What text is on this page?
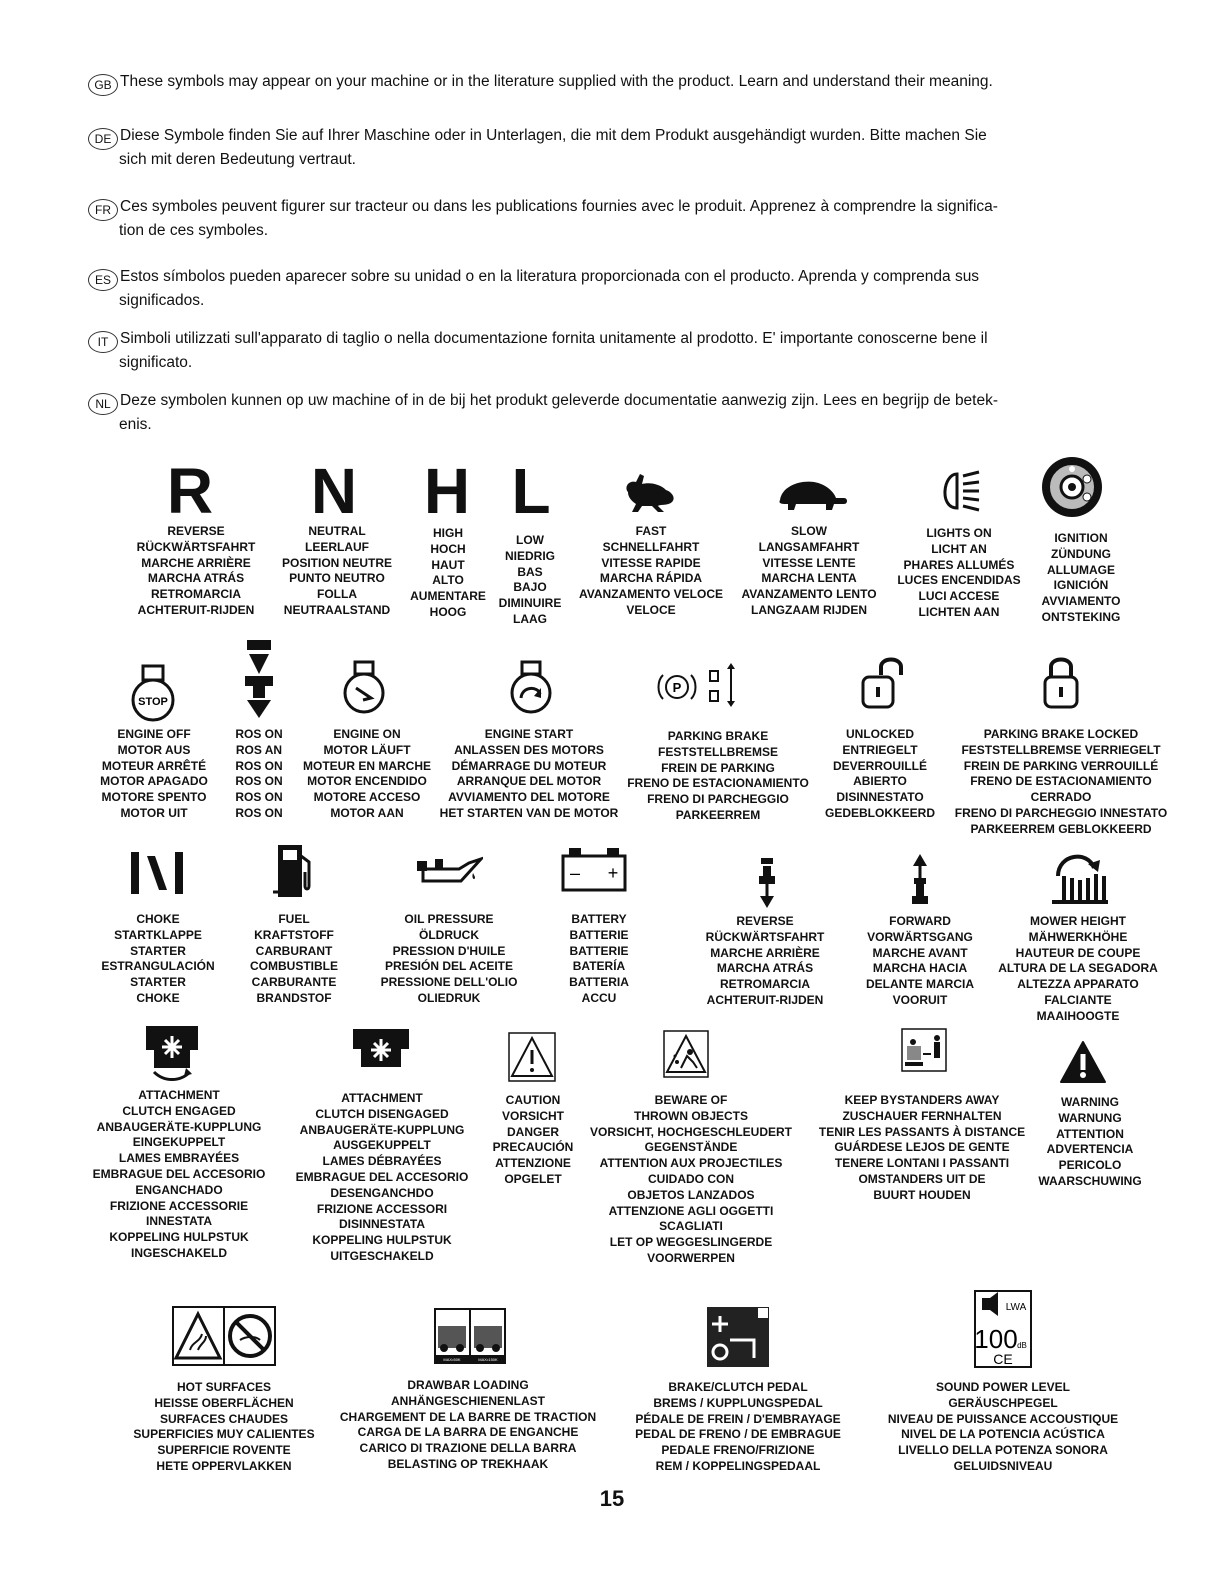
GB These symbols may appear on your machine or in the literature supplied with the product. Learn and understand their meaning.
DE Diese Symbole finden Sie auf Ihrer Maschine oder in Unterlagen, die mit dem Produkt ausgehändigt wurden. Bitte machen Sie
sich mit deren Bedeutung vertraut.
FR Ces symboles peuvent figurer sur tracteur ou dans les publications fournies avec le produit. Apprenez à comprendre la significa-
tion de ces symboles.
ES Estos símbolos pueden aparecer sobre su unidad o en la literatura proporcionada con el producto. Aprenda y comprenda sus
significados.
IT Simboli utilizzati sull'apparato di taglio o nella documentazione fornita unitamente al prodotto. E' importante conoscerne bene il
significato.
NL Deze symbolen kunnen op uw machine of in de bij het produkt geleverde documentatie aanwezig zijn. Lees en begrijp de betek-
enis.
R N H L
REVERSE
RÜCKWÄRTSFAHRT
MARCHE ARRIÈRE
MARCHA ATRÁS
RETROMARCIA
ACHTERUIT-RIJDEN
NEUTRAL
LEERLAUF
POSITION NEUTRE
PUNTO NEUTRO
FOLLA
NEUTRAALSTAND
HIGH
HOCH
HAUT
ALTO
AUMENTARE
HOOG
LOW
NIEDRIG
BAS
BAJO
DIMINUIRE
LAAG
FAST
SCHNELLFAHRT
VITESSE RAPIDE
MARCHA RÁPIDA
AVANZAMENTO VELOCE
VELOCE
SLOW
LANGSAMFAHRT
VITESSE LENTE
MARCHA LENTA
AVANZAMENTO LENTO
LANGZAAM RIJDEN
LIGHTS ON
LICHT AN
PHARES ALLUMÉS
LUCES ENCENDIDAS
LUCI ACCESE
LICHTEN AAN
IGNITION
ZÜNDUNG
ALLUMAGE
IGNICIÓN
AVVIAMENTO
ONTSTEKING
STOP
P
ENGINE OFF
MOTOR AUS
MOTEUR ARRÊTÉ
MOTOR APAGADO
MOTORE SPENTO
MOTOR UIT
ROS ON
ROS AN
ROS ON
ROS ON
ROS ON
ROS ON
ENGINE ON
MOTOR LÄUFT
MOTEUR EN MARCHE
MOTOR ENCENDIDO
MOTORE ACCESO
MOTOR AAN
ENGINE START
ANLASSEN DES MOTORS
DÉMARRAGE DU MOTEUR
ARRANQUE DEL MOTOR
AVVIAMENTO DEL MOTORE
HET STARTEN VAN DE MOTOR
PARKING BRAKE
FESTSTELLBREMSE
FREIN DE PARKING
FRENO DE ESTACIONAMIENTO
FRENO DI PARCHEGGIO
PARKEERREM
UNLOCKED
ENTRIEGELT
DEVERROUILLÉ
ABIERTO
DISINNESTATO
GEDEBLOKKEERD
PARKING BRAKE LOCKED
FESTSTELLBREMSE VERRIEGELT
FREIN DE PARKING VERROUILLÉ
FRENO DE ESTACIONAMIENTO
CERRADO
FRENO DI PARCHEGGIO INNESTATO
PARKEERREM GEBLOKKEERD
– +
CHOKE
STARTKLAPPE
STARTER
ESTRANGULACIÓN
STARTER
CHOKE
FUEL
KRAFTSTOFF
CARBURANT
COMBUSTIBLE
CARBURANTE
BRANDSTOF
OIL PRESSURE
ÖLDRUCK
PRESSION D'HUILE
PRESIÓN DEL ACEITE
PRESSIONE DELL'OLIO
OLIEDRUK
BATTERY
BATTERIE
BATTERIE
BATERÍA
BATTERIA
ACCU
REVERSE
RÜCKWÄRTSFAHRT
MARCHE ARRIÈRE
MARCHA ATRÁS
RETROMARCIA
ACHTERUIT-RIJDEN
FORWARD
VORWÄRTSGANG
MARCHE AVANT
MARCHA HACIA
DELANTE MARCIA
VOORUIT
MOWER HEIGHT
MÄHWERKHÖHE
HAUTEUR DE COUPE
ALTURA DE LA SEGADORA
ALTEZZA APPARATO
FALCIANTE
MAAIHOOGTE
ATTACHMENT
CLUTCH ENGAGED
ANBAUGERÄTE-KUPPLUNG
EINGEKUPPELT
LAMES EMBRAYÉES
EMBRAGUE DEL ACCESORIO
ENGANCHADO
FRIZIONE ACCESSORIE
INNESTATA
KOPPELING HULPSTUK
INGESCHAKELD
ATTACHMENT
CLUTCH DISENGAGED
ANBAUGERÄTE-KUPPLUNG
AUSGEKUPPELT
LAMES DÉBRAYÉES
EMBRAGUE DEL ACCESORIO
DESENGANCHDO
FRIZIONE ACCESSORI
DISINNESTATA
KOPPELING HULPSTUK
UITGESCHAKELD
CAUTION
VORSICHT
DANGER
PRECAUCIÓN
ATTENZIONE
OPGELET
BEWARE OF
THROWN OBJECTS
VORSICHT, HOCHGESCHLEUDERT
GEGENSTÄNDE
ATTENTION AUX PROJECTILES
CUIDADO CON
OBJETOS LANZADOS
ATTENZIONE AGLI OGGETTI
SCAGLIATI
LET OP WEGGESLINGERDE
VOORWERPEN
KEEP BYSTANDERS AWAY
ZUSCHAUER FERNHALTEN
TENIR LES PASSANTS À DISTANCE
GUÁRDESE LEJOS DE GENTE
TENERE LONTANI I PASSANTI
OMSTANDERS UIT DE
BUURT HOUDEN
WARNING
WARNUNG
ATTENTION
ADVERTENCIA
PERICOLO
WAARSCHUWING
MAX•50K	MAX•150K
LWA
100 dB
CE
HOT SURFACES
HEISSE OBERFLÄCHEN
SURFACES CHAUDES
SUPERFICIES MUY CALIENTES
SUPERFICIE ROVENTE
HETE OPPERVLAKKEN
DRAWBAR LOADING
ANHÄNGESCHIENENLAST
CHARGEMENT DE LA BARRE DE TRACTION
CARGA DE LA BARRA DE ENGANCHE
CARICO DI TRAZIONE DELLA BARRA
BELASTING OP TREKHAAK
BRAKE/CLUTCH PEDAL
BREMS / KUPPLUNGSPEDAL
PÉDALE DE FREIN / D'EMBRAYAGE
PEDAL DE FRENO / DE EMBRAGUE
PEDALE FRENO/FRIZIONE
REM / KOPPELINGSPEDAAL
SOUND POWER LEVEL
GERÄUSCHPEGEL
NIVEAU DE PUISSANCE ACCOUSTIQUE
NIVEL DE LA POTENCIA ACÚSTICA
LIVELLO DELLA POTENZA SONORA
GELUIDSNIVEAU
15
